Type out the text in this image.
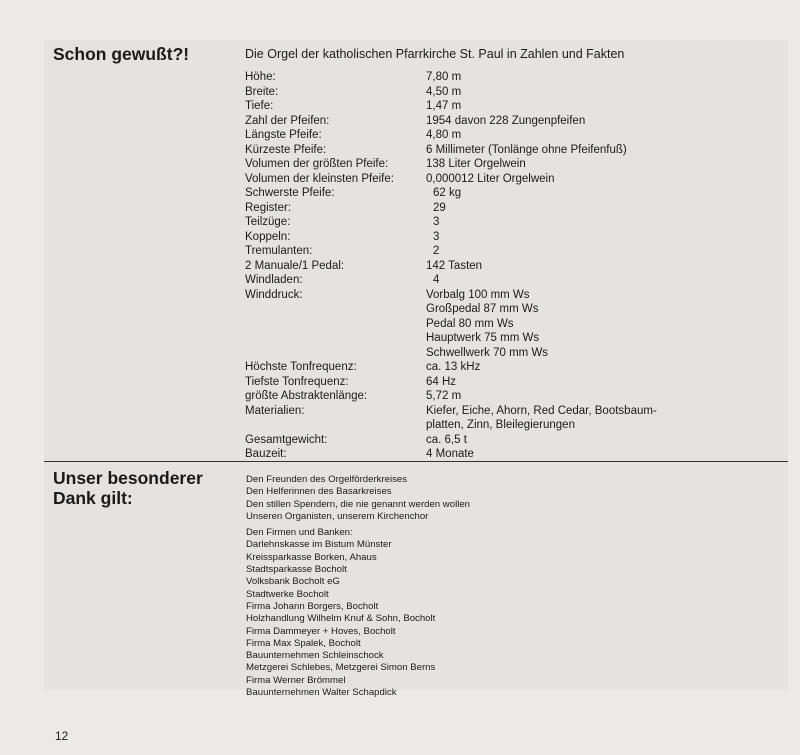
Schon gewußt?!	Die Orgel der katholischen Pfarrkirche St. Paul in Zahlen und Fakten

Höhe:	7,80 m
Breite:	4,50 m
Tiefe:	1,47 m
Zahl der Pfeifen:	1954 davon 228 Zungenpfeifen
Längste Pfeife:	4,80 m
Kürzeste Pfeife:	6 Millimeter (Tonlänge ohne Pfeifenfuß)
Volumen der größten Pfeife:	138 Liter Orgelwein
Volumen der kleinsten Pfeife:	0,000012 Liter Orgelwein
Schwerste Pfeife:	62 kg
Register:	29
Teilzüge:	3
Koppeln:	3
Tremulanten:	2
2 Manuale/1 Pedal:	142 Tasten
Windladen:	4
Winddruck:	Vorbalg 100 mm Ws
Großpedal 87 mm Ws
Pedal 80 mm Ws
Hauptwerk 75 mm Ws
Schwellwerk 70 mm Ws
Höchste Tonfrequenz:	ca. 13 kHz
Tiefste Tonfrequenz:	64 Hz
größte Abstraktenlänge:	5,72 m
Materialien:	Kiefer, Eiche, Ahorn, Red Cedar, Bootsbaum-
platten, Zinn, Bleilegierungen
Gesamtgewicht:	ca. 6,5 t
Bauzeit:	4 Monate
Unser besonderer
Dank gilt:
Den Freunden des Orgelförderkreises
Den Helferinnen des Basarkreises
Den stillen Spendern, die nie genannt werden wollen
Unseren Organisten, unserem Kirchenchor
Den Firmen und Banken:
Darlehnskasse im Bistum Münster
Kreissparkasse Borken, Ahaus
Stadtsparkasse Bocholt
Volksbank Bocholt eG
Stadtwerke Bocholt
Firma Johann Borgers, Bocholt
Holzhandlung Wilhelm Knuf & Sohn, Bocholt
Firma Dammeyer + Hoves, Bocholt
Firma Max Spalek, Bocholt
Bauunternehmen Schleinschock
Metzgerei Schlebes, Metzgerei Simon Berns
Firma Werner Brömmel
Bauunternehmen Walter Schapdick
12
